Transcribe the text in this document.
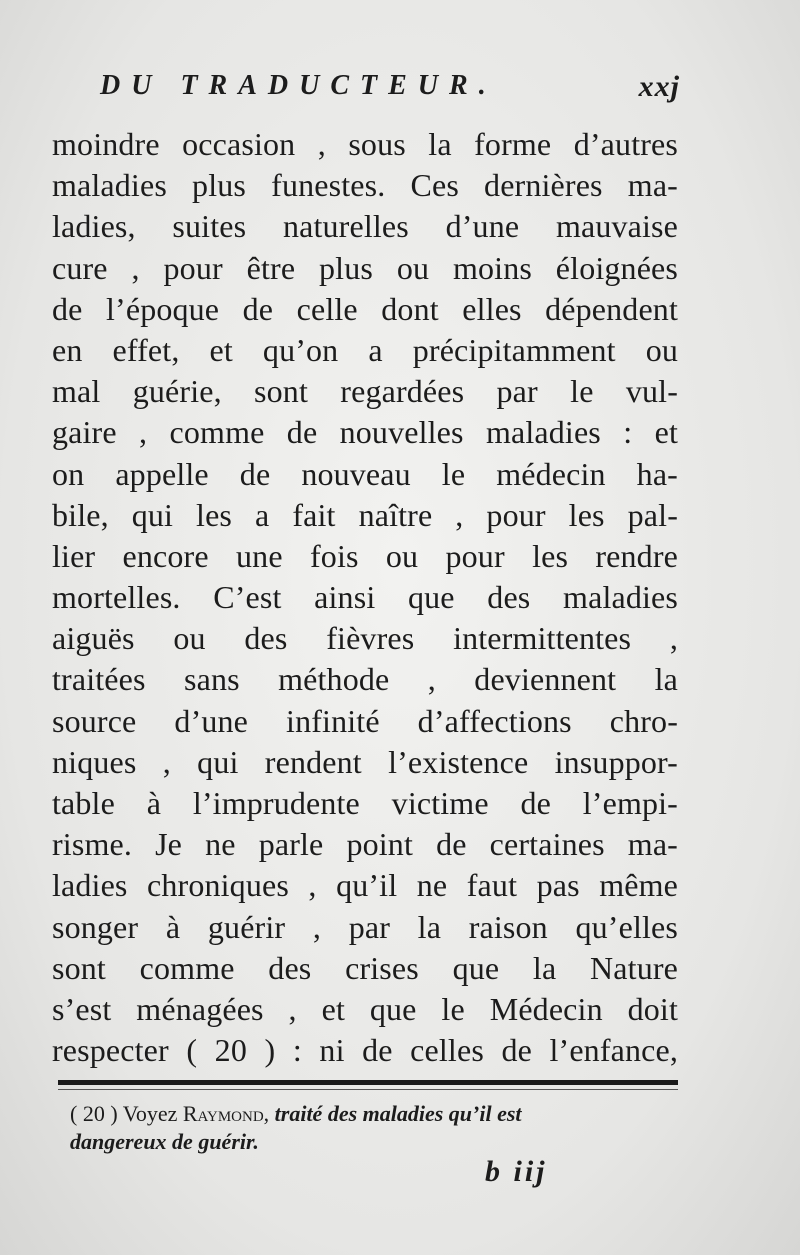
DU TRADUCTEUR.	xxj
moindre occasion , sous la forme d’autres
maladies plus funestes. Ces dernières ma-
ladies, suites naturelles d’une mauvaise
cure , pour être plus ou moins éloignées
de l’époque de celle dont elles dépendent
en effet, et qu’on a précipitamment ou
mal guérie, sont regardées par le vul-
gaire , comme de nouvelles maladies : et
on appelle de nouveau le médecin ha-
bile, qui les a fait naître , pour les pal-
lier encore une fois ou pour les rendre
mortelles. C’est ainsi que des maladies
aiguës ou des fièvres intermittentes ,
traitées sans méthode , deviennent la
source d’une infinité d’affections chro-
niques , qui rendent l’existence insuppor-
table à l’imprudente victime de l’empi-
risme. Je ne parle point de certaines ma-
ladies chroniques , qu’il ne faut pas même
songer à guérir , par la raison qu’elles
sont comme des crises que la Nature
s’est ménagées , et que le Médecin doit
respecter ( 20 ) : ni de celles de l’enfance,
( 20 ) Voyez Raymond, traité des maladies qu’il est
dangereux de guérir.
b iij
